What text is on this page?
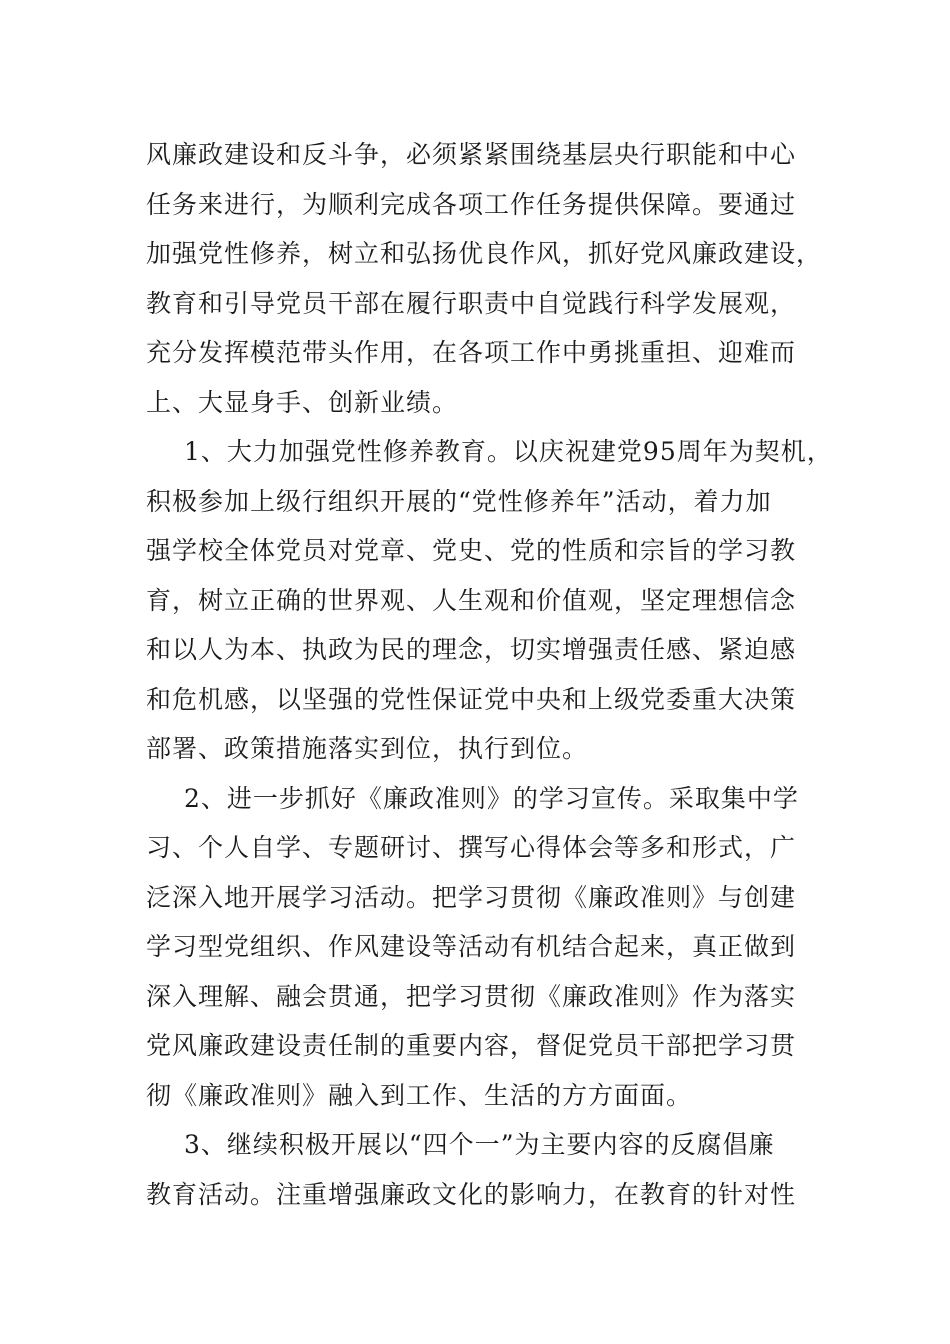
风廉政建设和反斗争，必须紧紧围绕基层央行职能和中心
任务来进行，为顺利完成各项工作任务提供保障。要通过
加强党性修养，树立和弘扬优良作风，抓好党风廉政建设，
教育和引导党员干部在履行职责中自觉践行科学发展观，
充分发挥模范带头作用，在各项工作中勇挑重担、迎难而
上、大显身手、创新业绩。
1、大力加强党性修养教育。以庆祝建党95周年为契机，
积极参加上级行组织开展的“党性修养年”活动，着力加
强学校全体党员对党章、党史、党的性质和宗旨的学习教
育，树立正确的世界观、人生观和价值观，坚定理想信念
和以人为本、执政为民的理念，切实增强责任感、紧迫感
和危机感，以坚强的党性保证党中央和上级党委重大决策
部署、政策措施落实到位，执行到位。
2、进一步抓好《廉政准则》的学习宣传。采取集中学
习、个人自学、专题研讨、撰写心得体会等多和形式，广
泛深入地开展学习活动。把学习贯彻《廉政准则》与创建
学习型党组织、作风建设等活动有机结合起来，真正做到
深入理解、融会贯通，把学习贯彻《廉政准则》作为落实
党风廉政建设责任制的重要内容，督促党员干部把学习贯
彻《廉政准则》融入到工作、生活的方方面面。
3、继续积极开展以“四个一”为主要内容的反腐倡廉
教育活动。注重增强廉政文化的影响力，在教育的针对性
